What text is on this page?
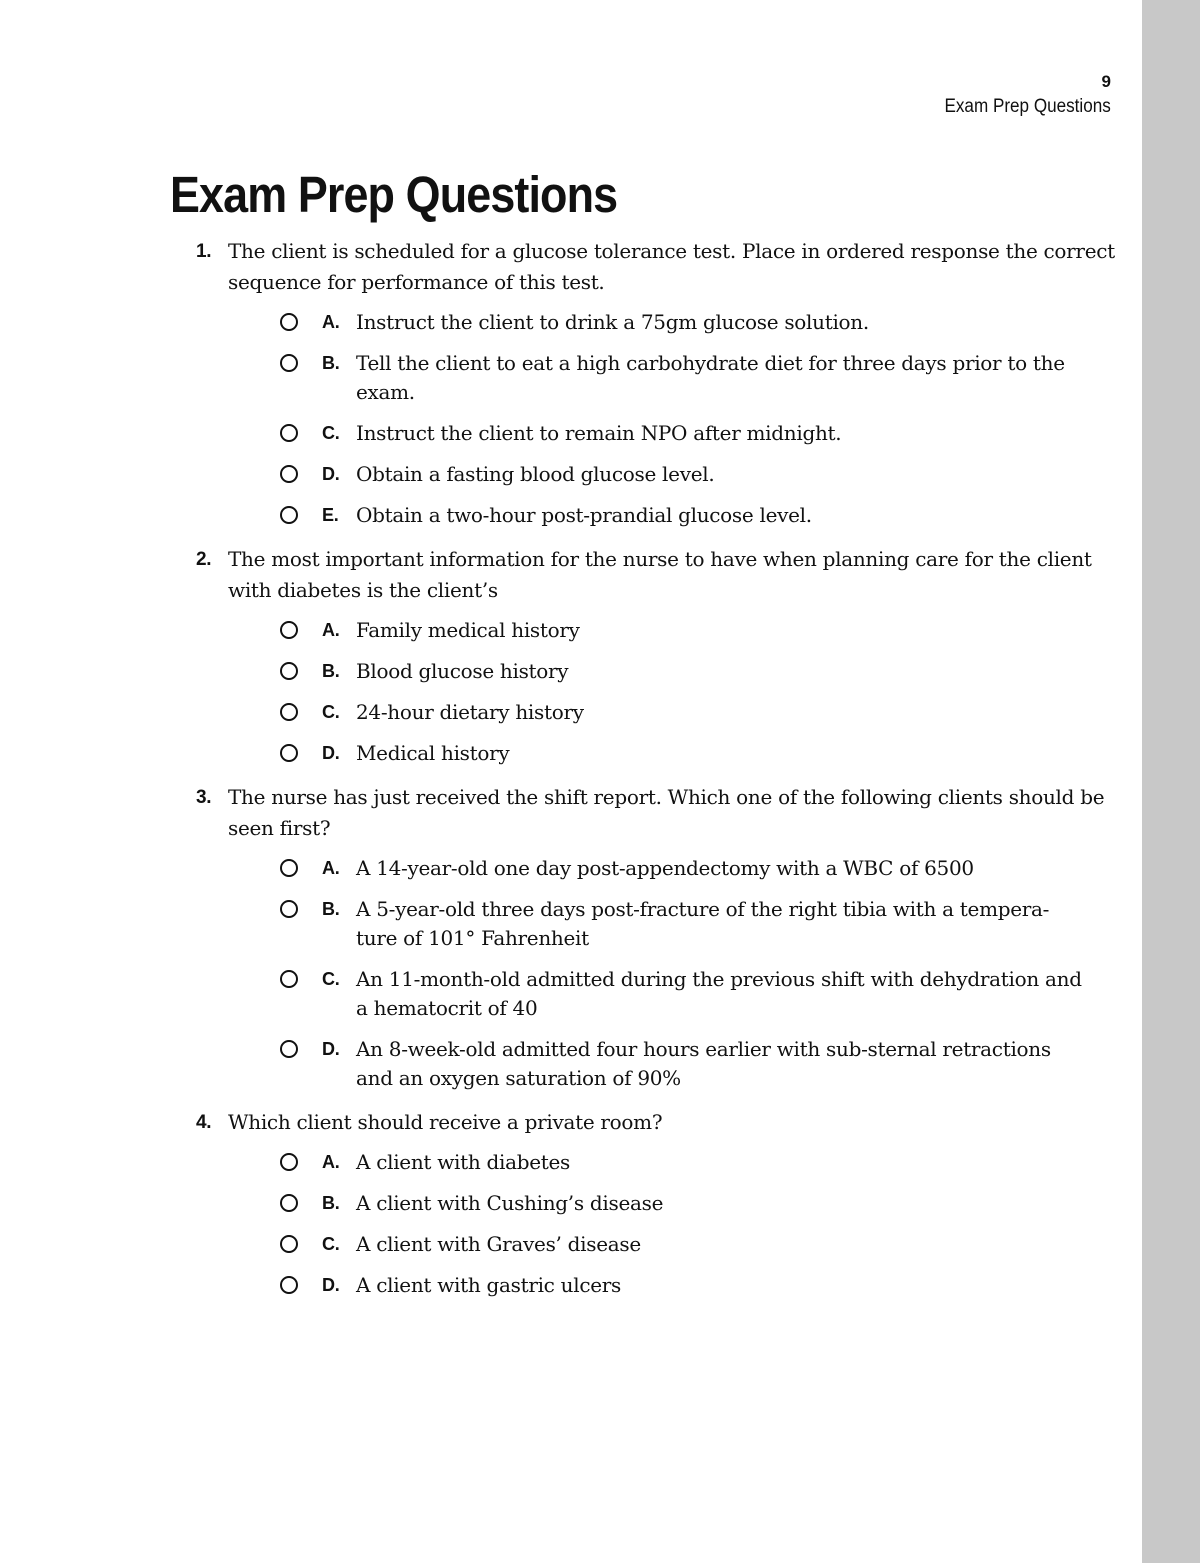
9
Exam Prep Questions
Exam Prep Questions
1. The client is scheduled for a glucose tolerance test. Place in ordered response the correct sequence for performance of this test.

A. Instruct the client to drink a 75gm glucose solution.
B. Tell the client to eat a high carbohydrate diet for three days prior to the exam.
C. Instruct the client to remain NPO after midnight.
D. Obtain a fasting blood glucose level.
E. Obtain a two-hour post-prandial glucose level.
2. The most important information for the nurse to have when planning care for the client with diabetes is the client’s

A. Family medical history
B. Blood glucose history
C. 24-hour dietary history
D. Medical history
3. The nurse has just received the shift report. Which one of the following clients should be seen first?

A. A 14-year-old one day post-appendectomy with a WBC of 6500
B. A 5-year-old three days post-fracture of the right tibia with a tempera-ture of 101° Fahrenheit
C. An 11-month-old admitted during the previous shift with dehydration and a hematocrit of 40
D. An 8-week-old admitted four hours earlier with sub-sternal retractions and an oxygen saturation of 90%
4. Which client should receive a private room?

A. A client with diabetes
B. A client with Cushing’s disease
C. A client with Graves’ disease
D. A client with gastric ulcers
